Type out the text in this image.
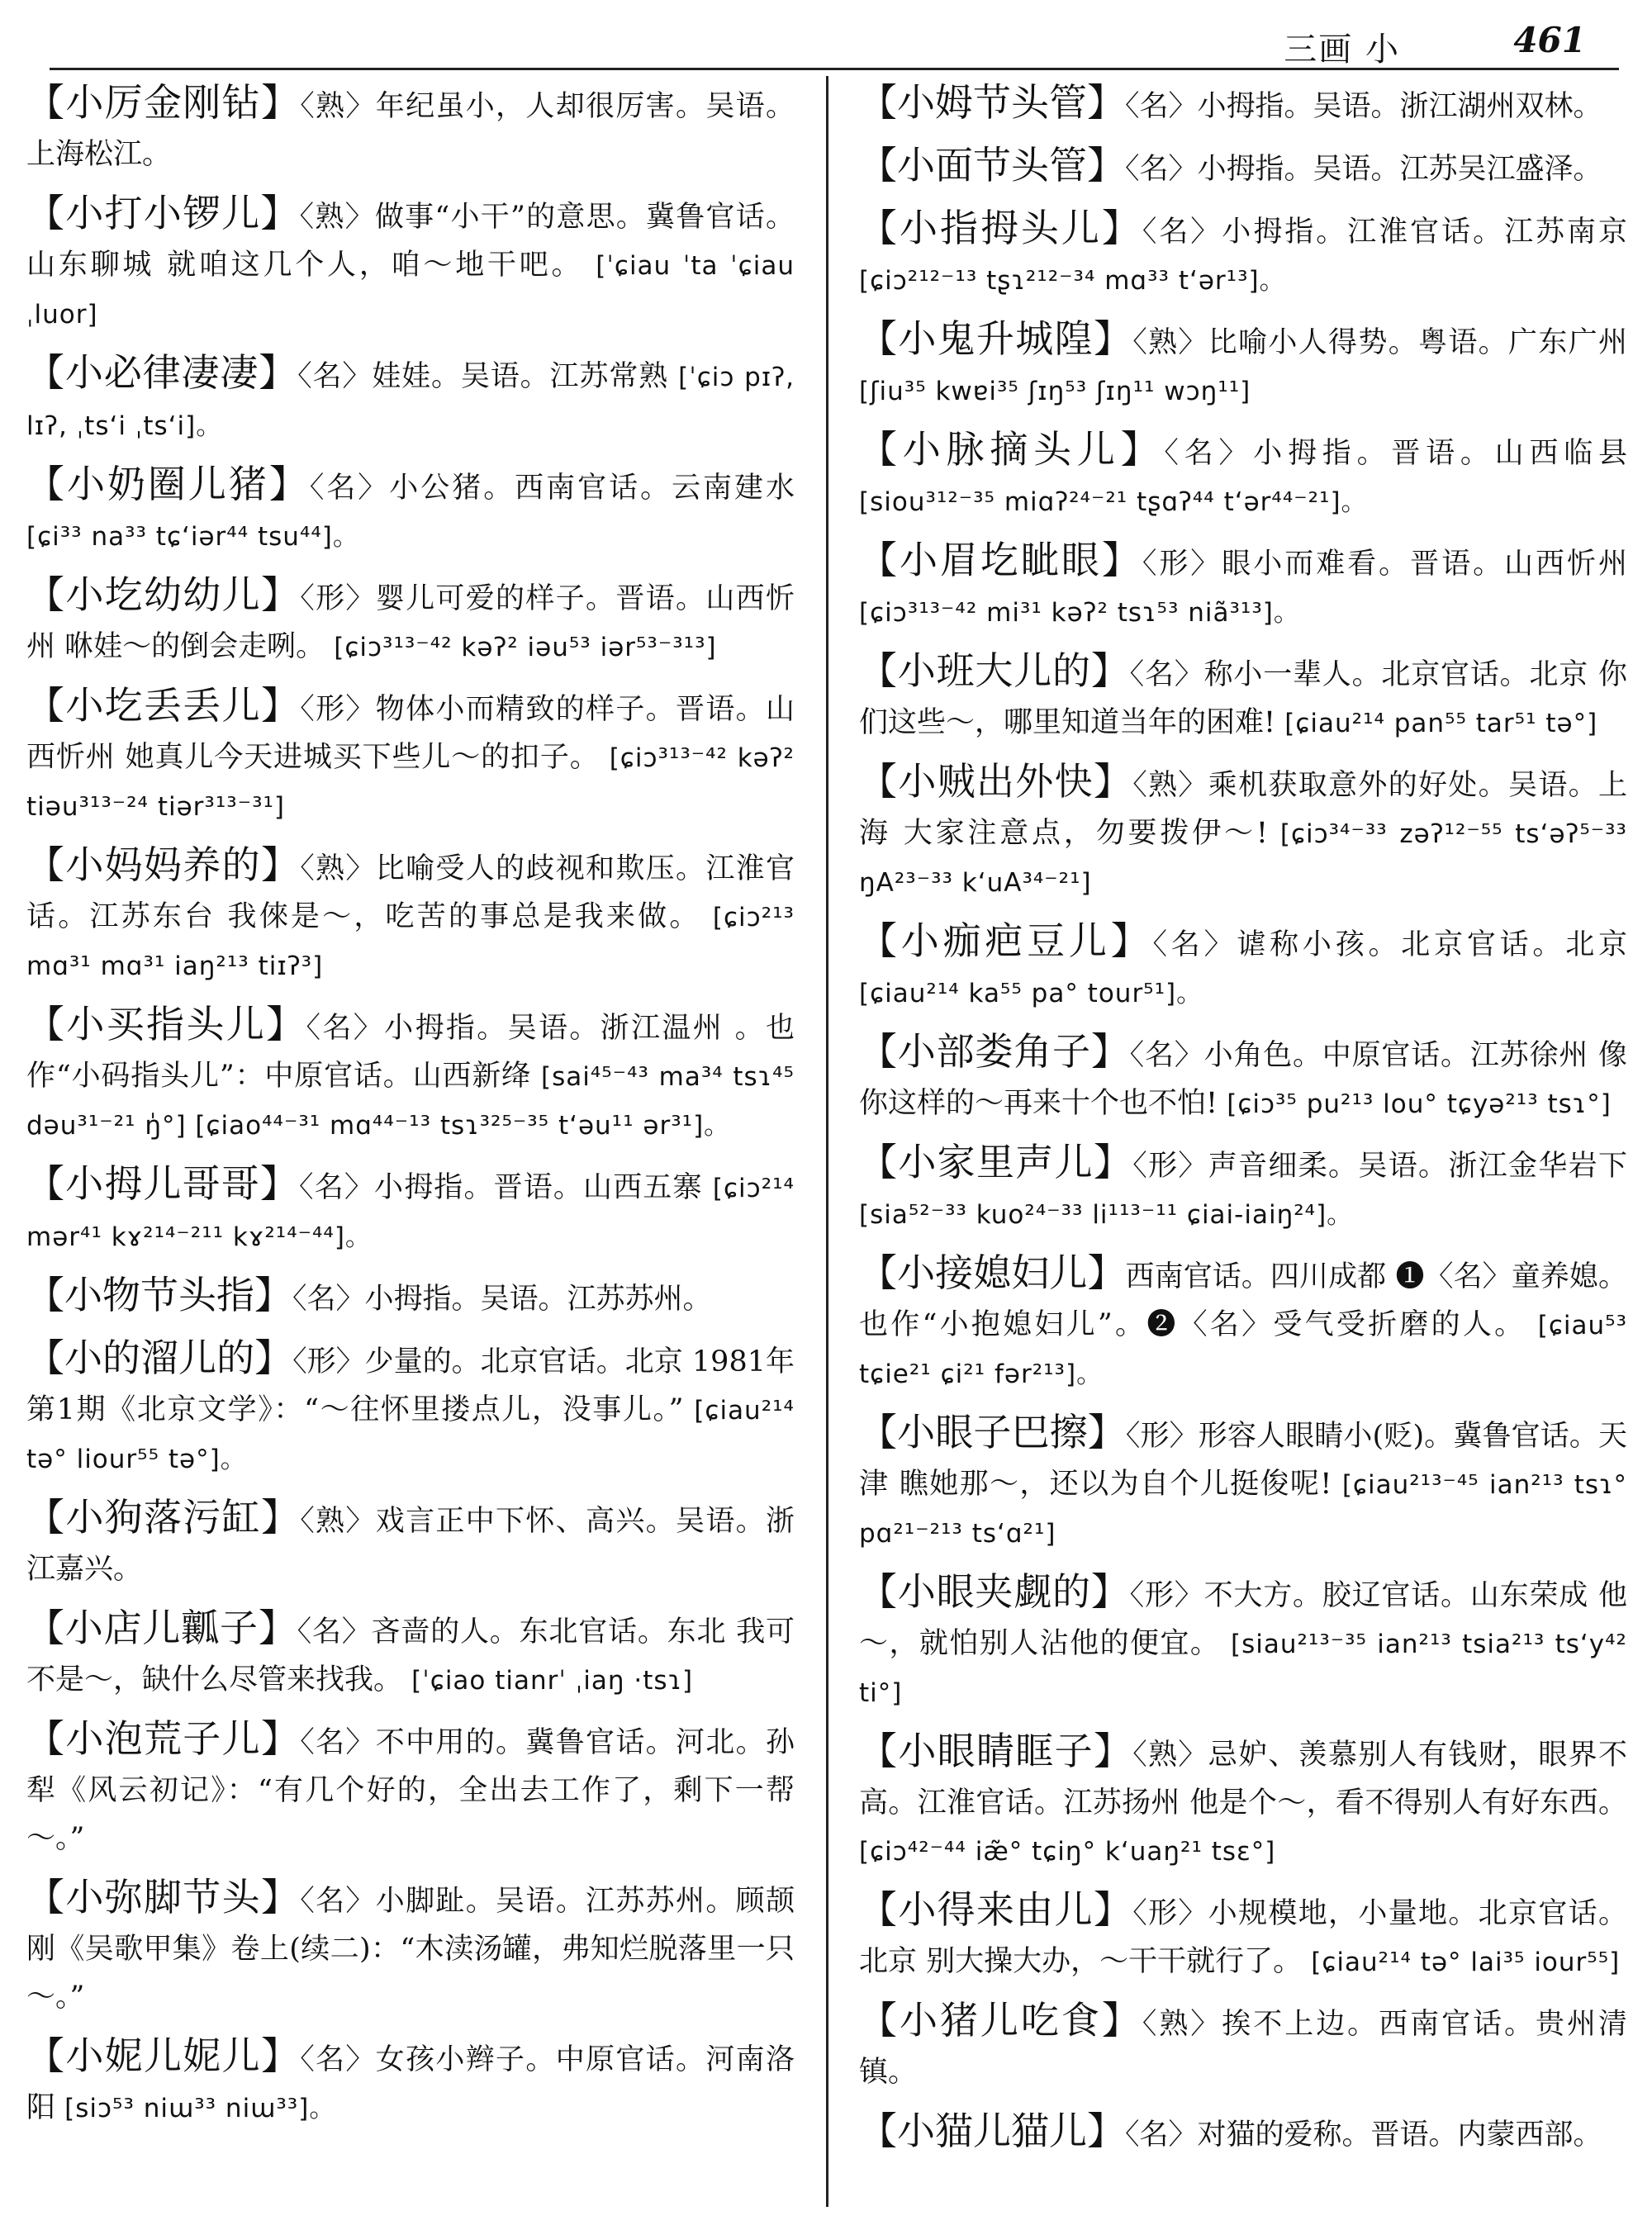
三画 小	461
【小厉金刚钻】〈熟〉年纪虽小，人却很厉害。吴语。上海松江。
【小打小锣儿】〈熟〉做事“小干”的意思。冀鲁官话。山东聊城 就咱这几个人，咱～地干吧。 [ˈɕiau ˈta ˈɕiau ˌluor]
【小必律凄凄】〈名〉娃娃。吴语。江苏常熟 [ˈɕiɔ pɪʔ, lɪʔ, ˌtsʻi ˌtsʻi]。
【小奶圈儿猪】〈名〉小公猪。西南官话。云南建水 [ɕi³³ na³³ tɕʻiər⁴⁴ tsu⁴⁴]。
【小圪幼幼儿】〈形〉婴儿可爱的样子。晋语。山西忻州 咻娃～的倒会走咧。 [ɕiɔ³¹³⁻⁴² kəʔ² iəu⁵³ iər⁵³⁻³¹³]
【小圪丢丢儿】〈形〉物体小而精致的样子。晋语。山西忻州 她真儿今天进城买下些儿～的扣子。 [ɕiɔ³¹³⁻⁴² kəʔ² tiəu³¹³⁻²⁴ tiər³¹³⁻³¹]
【小妈妈养的】〈熟〉比喻受人的歧视和欺压。江淮官话。江苏东台 我倈是～，吃苦的事总是我来做。 [ɕiɔ²¹³ mɑ³¹ mɑ³¹ iaŋ²¹³ tiɪʔ³]
【小买指头儿】〈名〉小拇指。吴语。浙江温州 。也作“小码指头儿”：中原官话。山西新绛 [sai⁴⁵⁻⁴³ ma³⁴ tsɿ⁴⁵ dəu³¹⁻²¹ ŋ̍°] [ɕiao⁴⁴⁻³¹ mɑ⁴⁴⁻¹³ tsɿ³²⁵⁻³⁵ tʻəu¹¹ ər³¹]。
【小拇儿哥哥】〈名〉小拇指。晋语。山西五寨 [ɕiɔ²¹⁴ mər⁴¹ kɤ²¹⁴⁻²¹¹ kɤ²¹⁴⁻⁴⁴]。
【小物节头指】〈名〉小拇指。吴语。江苏苏州。
【小的溜儿的】〈形〉少量的。北京官话。北京 1981年第1期《北京文学》：“～往怀里搂点儿，没事儿。” [ɕiau²¹⁴ tə° liour⁵⁵ tə°]。
【小狗落污缸】〈熟〉戏言正中下怀、高兴。吴语。浙江嘉兴。
【小店儿瓤子】〈名〉吝啬的人。东北官话。东北 我可不是～，缺什么尽管来找我。 [ˈɕiao tianrˈ ˌiaŋ ·tsɿ]
【小泡荒子儿】〈名〉不中用的。冀鲁官话。河北。孙犁《风云初记》：“有几个好的，全出去工作了，剩下一帮～。”
【小弥脚节头】〈名〉小脚趾。吴语。江苏苏州。顾颉刚《吴歌甲集》卷上(续二)：“木渎汤罐，弗知烂脱落里一只～。”
【小妮儿妮儿】〈名〉女孩小辫子。中原官话。河南洛阳 [siɔ⁵³ niɯ³³ niɯ³³]。
【小姆节头管】〈名〉小拇指。吴语。浙江湖州双林。
【小面节头管】〈名〉小拇指。吴语。江苏吴江盛泽。
【小指拇头儿】〈名〉小拇指。江淮官话。江苏南京 [ɕiɔ²¹²⁻¹³ tʂɿ²¹²⁻³⁴ mɑ³³ tʻər¹³]。
【小鬼升城隍】〈熟〉比喻小人得势。粤语。广东广州 [ʃiu³⁵ kwɐi³⁵ ʃɪŋ⁵³ ʃɪŋ¹¹ wɔŋ¹¹]
【小脉摘头儿】〈名〉小拇指。晋语。山西临县 [siou³¹²⁻³⁵ miɑʔ²⁴⁻²¹ tʂɑʔ⁴⁴ tʻər⁴⁴⁻²¹]。
【小眉圪眦眼】〈形〉眼小而难看。晋语。山西忻州 [ɕiɔ³¹³⁻⁴² mi³¹ kəʔ² tsɿ⁵³ niã³¹³]。
【小班大儿的】〈名〉称小一辈人。北京官话。北京 你们这些～，哪里知道当年的困难! [ɕiau²¹⁴ pan⁵⁵ tar⁵¹ tə°]
【小贼出外快】〈熟〉乘机获取意外的好处。吴语。上海 大家注意点，勿要拨伊～! [ɕiɔ³⁴⁻³³ zəʔ¹²⁻⁵⁵ tsʻəʔ⁵⁻³³ ŋA²³⁻³³ kʻuA³⁴⁻²¹]
【小痂疤豆儿】〈名〉谑称小孩。北京官话。北京 [ɕiau²¹⁴ ka⁵⁵ pa° tour⁵¹]。
【小部娄角子】〈名〉小角色。中原官话。江苏徐州 像你这样的～再来十个也不怕! [ɕiɔ³⁵ pu²¹³ lou° tɕyə²¹³ tsɿ°]
【小家里声儿】〈形〉声音细柔。吴语。浙江金华岩下 [sia⁵²⁻³³ kuo²⁴⁻³³ li¹¹³⁻¹¹ ɕiai-iaiŋ²⁴]。
【小接媳妇儿】西南官话。四川成都 ❶〈名〉童养媳。也作“小抱媳妇儿”。❷〈名〉受气受折磨的人。 [ɕiau⁵³ tɕie²¹ ɕi²¹ fər²¹³]。
【小眼子巴擦】〈形〉形容人眼睛小(贬)。冀鲁官话。天津 瞧她那～，还以为自个儿挺俊呢! [ɕiau²¹³⁻⁴⁵ ian²¹³ tsɿ° pɑ²¹⁻²¹³ tsʻɑ²¹]
【小眼夹觑的】〈形〉不大方。胶辽官话。山东荣成 他～，就怕别人沾他的便宜。 [siau²¹³⁻³⁵ ian²¹³ tsia²¹³ tsʻy⁴² ti°]
【小眼睛眶子】〈熟〉忌妒、羡慕别人有钱财，眼界不高。江淮官话。江苏扬州 他是个～，看不得别人有好东西。 [ɕiɔ⁴²⁻⁴⁴ iæ̃° tɕiŋ° kʻuaŋ²¹ tsɛ°]
【小得来由儿】〈形〉小规模地，小量地。北京官话。北京 别大操大办，～干干就行了。 [ɕiau²¹⁴ tə° lai³⁵ iour⁵⁵]
【小猪儿吃食】〈熟〉挨不上边。西南官话。贵州清镇。
【小猫儿猫儿】〈名〉对猫的爱称。晋语。内蒙西部。
